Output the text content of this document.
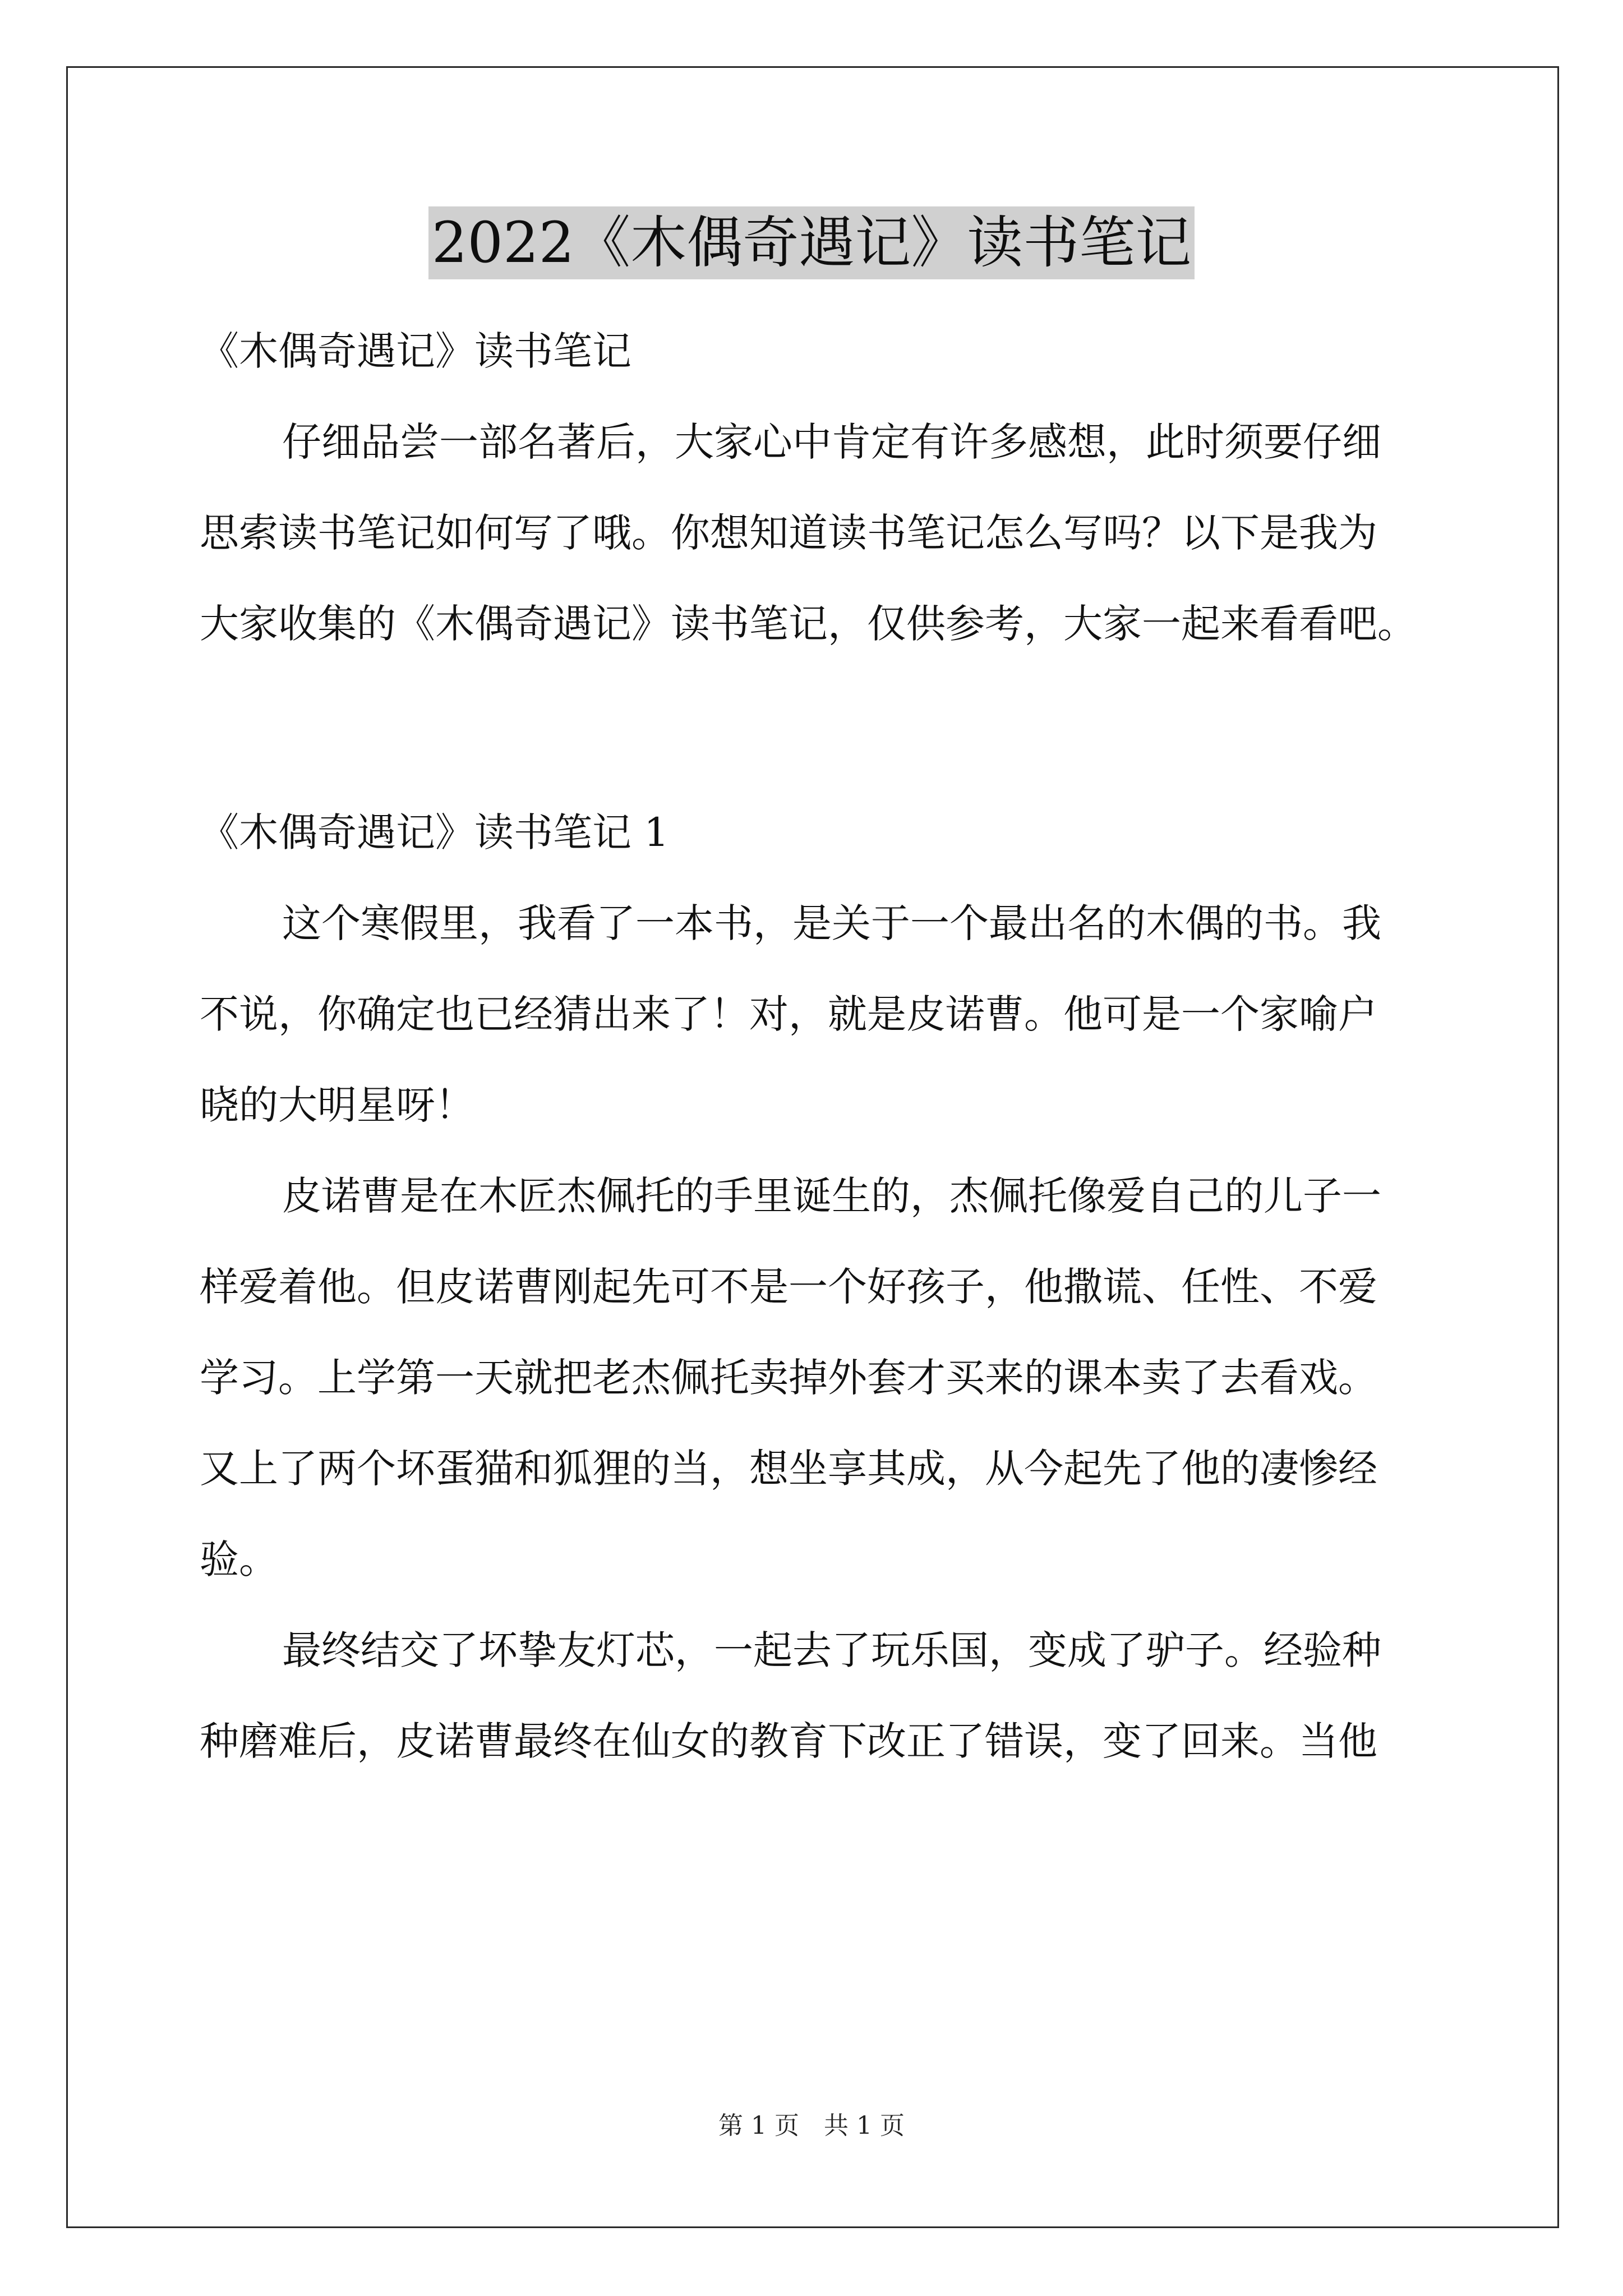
2022《木偶奇遇记》读书笔记
《木偶奇遇记》读书笔记
仔细品尝一部名著后，大家心中肯定有许多感想，此时须要仔细
思索读书笔记如何写了哦。你想知道读书笔记怎么写吗？以下是我为
大家收集的《木偶奇遇记》读书笔记，仅供参考，大家一起来看看吧。
《木偶奇遇记》读书笔记 1
这个寒假里，我看了一本书，是关于一个最出名的木偶的书。我
不说，你确定也已经猜出来了！对，就是皮诺曹。他可是一个家喻户
晓的大明星呀！
皮诺曹是在木匠杰佩托的手里诞生的，杰佩托像爱自己的儿子一
样爱着他。但皮诺曹刚起先可不是一个好孩子，他撒谎、任性、不爱
学习。上学第一天就把老杰佩托卖掉外套才买来的课本卖了去看戏。
又上了两个坏蛋猫和狐狸的当，想坐享其成，从今起先了他的凄惨经
验。
最终结交了坏挚友灯芯，一起去了玩乐国，变成了驴子。经验种
种磨难后，皮诺曹最终在仙女的教育下改正了错误，变了回来。当他
第 1 页　共 1 页
